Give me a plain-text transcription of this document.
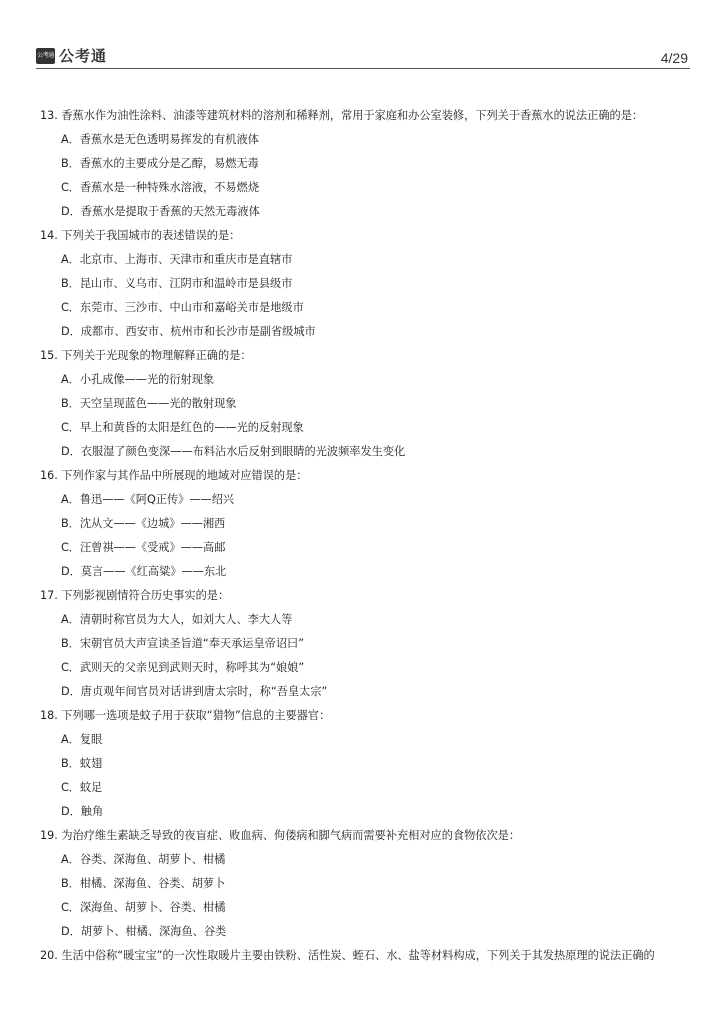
公考通 公考通	4/29
13. 香蕉水作为油性涂料、油漆等建筑材料的溶剂和稀释剂，常用于家庭和办公室装修，下列关于香蕉水的说法正确的是：
A．香蕉水是无色透明易挥发的有机液体
B．香蕉水的主要成分是乙醇，易燃无毒
C．香蕉水是一种特殊水溶液，不易燃烧
D．香蕉水是提取于香蕉的天然无毒液体
14. 下列关于我国城市的表述错误的是：
A．北京市、上海市、天津市和重庆市是直辖市
B．昆山市、义乌市、江阴市和温岭市是县级市
C．东莞市、三沙市、中山市和嘉峪关市是地级市
D．成都市、西安市、杭州市和长沙市是副省级城市
15. 下列关于光现象的物理解释正确的是：
A．小孔成像——光的衍射现象
B．天空呈现蓝色——光的散射现象
C．早上和黄昏的太阳是红色的——光的反射现象
D．衣服湿了颜色变深——布料沾水后反射到眼睛的光波频率发生变化
16. 下列作家与其作品中所展现的地域对应错误的是：
A．鲁迅——《阿Q正传》——绍兴
B．沈从文——《边城》——湘西
C．汪曾祺——《受戒》——高邮
D．莫言——《红高粱》——东北
17. 下列影视剧情符合历史事实的是：
A．清朝时称官员为大人，如刘大人、李大人等
B．宋朝官员大声宣读圣旨道“奉天承运皇帝诏曰”
C．武则天的父亲见到武则天时，称呼其为“娘娘”
D．唐贞观年间官员对话讲到唐太宗时，称“吾皇太宗”
18. 下列哪一选项是蚊子用于获取“猎物”信息的主要器官：
A．复眼
B．蚊翅
C．蚊足
D．触角
19. 为治疗维生素缺乏导致的夜盲症、败血病、佝偻病和脚气病而需要补充相对应的食物依次是：
A．谷类、深海鱼、胡萝卜、柑橘
B．柑橘、深海鱼、谷类、胡萝卜
C．深海鱼、胡萝卜、谷类、柑橘
D．胡萝卜、柑橘、深海鱼、谷类
20. 生活中俗称“暖宝宝”的一次性取暖片主要由铁粉、活性炭、蛭石、水、盐等材料构成，下列关于其发热原理的说法正确的
